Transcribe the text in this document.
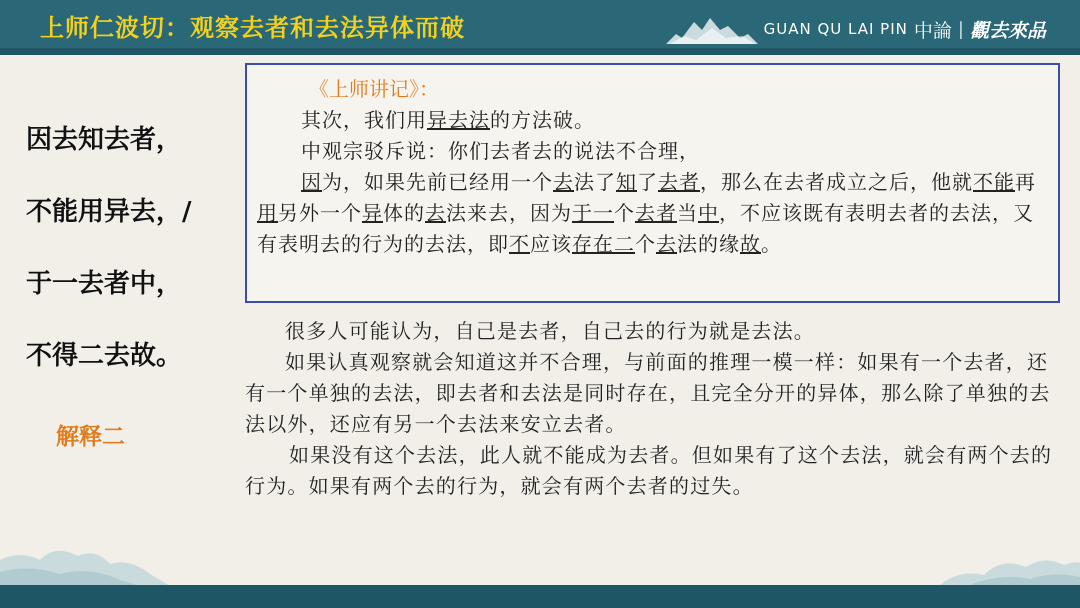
上师仁波切：观察去者和去法异体而破	GUAN QU LAI PIN 中論 | 觀去來品
因去知去者，
不能用异去，/
于一去者中，
不得二去故。
解释二
《上师讲记》：

其次，我们用异去法的方法破。

中观宗驳斥说：你们去者去的说法不合理，

因为，如果先前已经用一个去法了知了去者，那么在去者成立之后，他就不能再用另外一个异体的去法来去，因为于一个去者当中，不应该既有表明去者的去法，又有表明去的行为的去法，即不应该存在二个去法的缘故。

很多人可能认为，自己是去者，自己去的行为就是去法。

如果认真观察就会知道这并不合理，与前面的推理一模一样：如果有一个去者，还有一个单独的去法，即去者和去法是同时存在，且完全分开的异体，那么除了单独的去法以外，还应有另一个去法来安立去者。

如果没有这个去法，此人就不能成为去者。但如果有了这个去法，就会有两个去的行为。如果有两个去的行为，就会有两个去者的过失。
